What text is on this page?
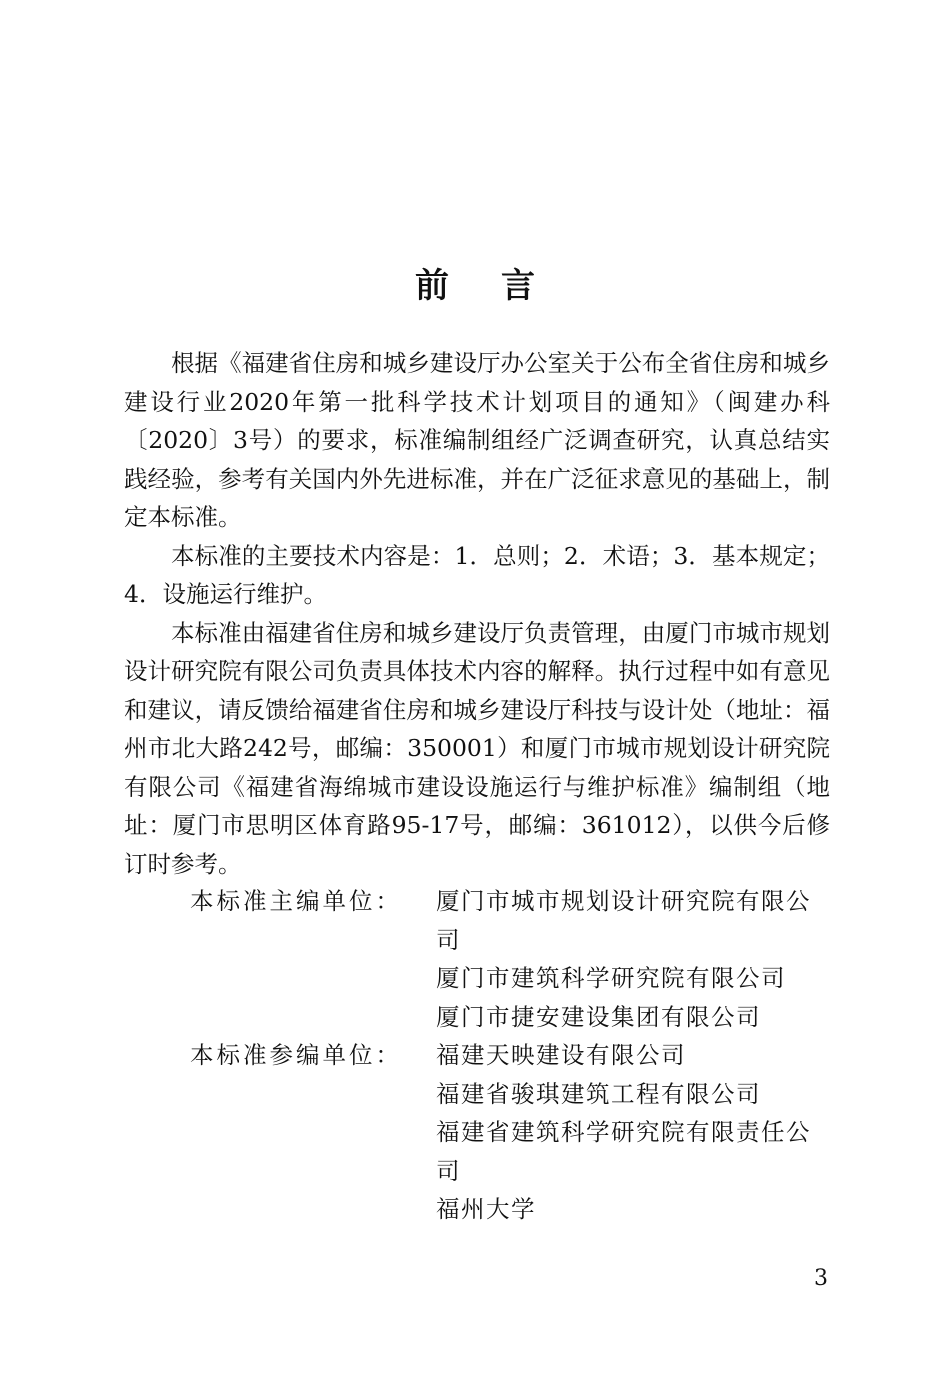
前言

根据《福建省住房和城乡建设厅办公室关于公布全省住房和城乡建设行业2020年第一批科学技术计划项目的通知》（闽建办科〔2020〕3号）的要求，标准编制组经广泛调查研究，认真总结实践经验，参考有关国内外先进标准，并在广泛征求意见的基础上，制定本标准。

本标准的主要技术内容是：1．总则；2．术语；3．基本规定；4．设施运行维护。

本标准由福建省住房和城乡建设厅负责管理，由厦门市城市规划设计研究院有限公司负责具体技术内容的解释。执行过程中如有意见和建议，请反馈给福建省住房和城乡建设厅科技与设计处（地址：福州市北大路242号，邮编：350001）和厦门市城市规划设计研究院有限公司《福建省海绵城市建设设施运行与维护标准》编制组（地址：厦门市思明区体育路95-17号，邮编：361012），以供今后修订时参考。

本标准主编单位：	厦门市城市规划设计研究院有限公司
厦门市建筑科学研究院有限公司
厦门市捷安建设集团有限公司
本标准参编单位：	福建天映建设有限公司
福建省骏琪建筑工程有限公司
福建省建筑科学研究院有限责任公司
福州大学
3
